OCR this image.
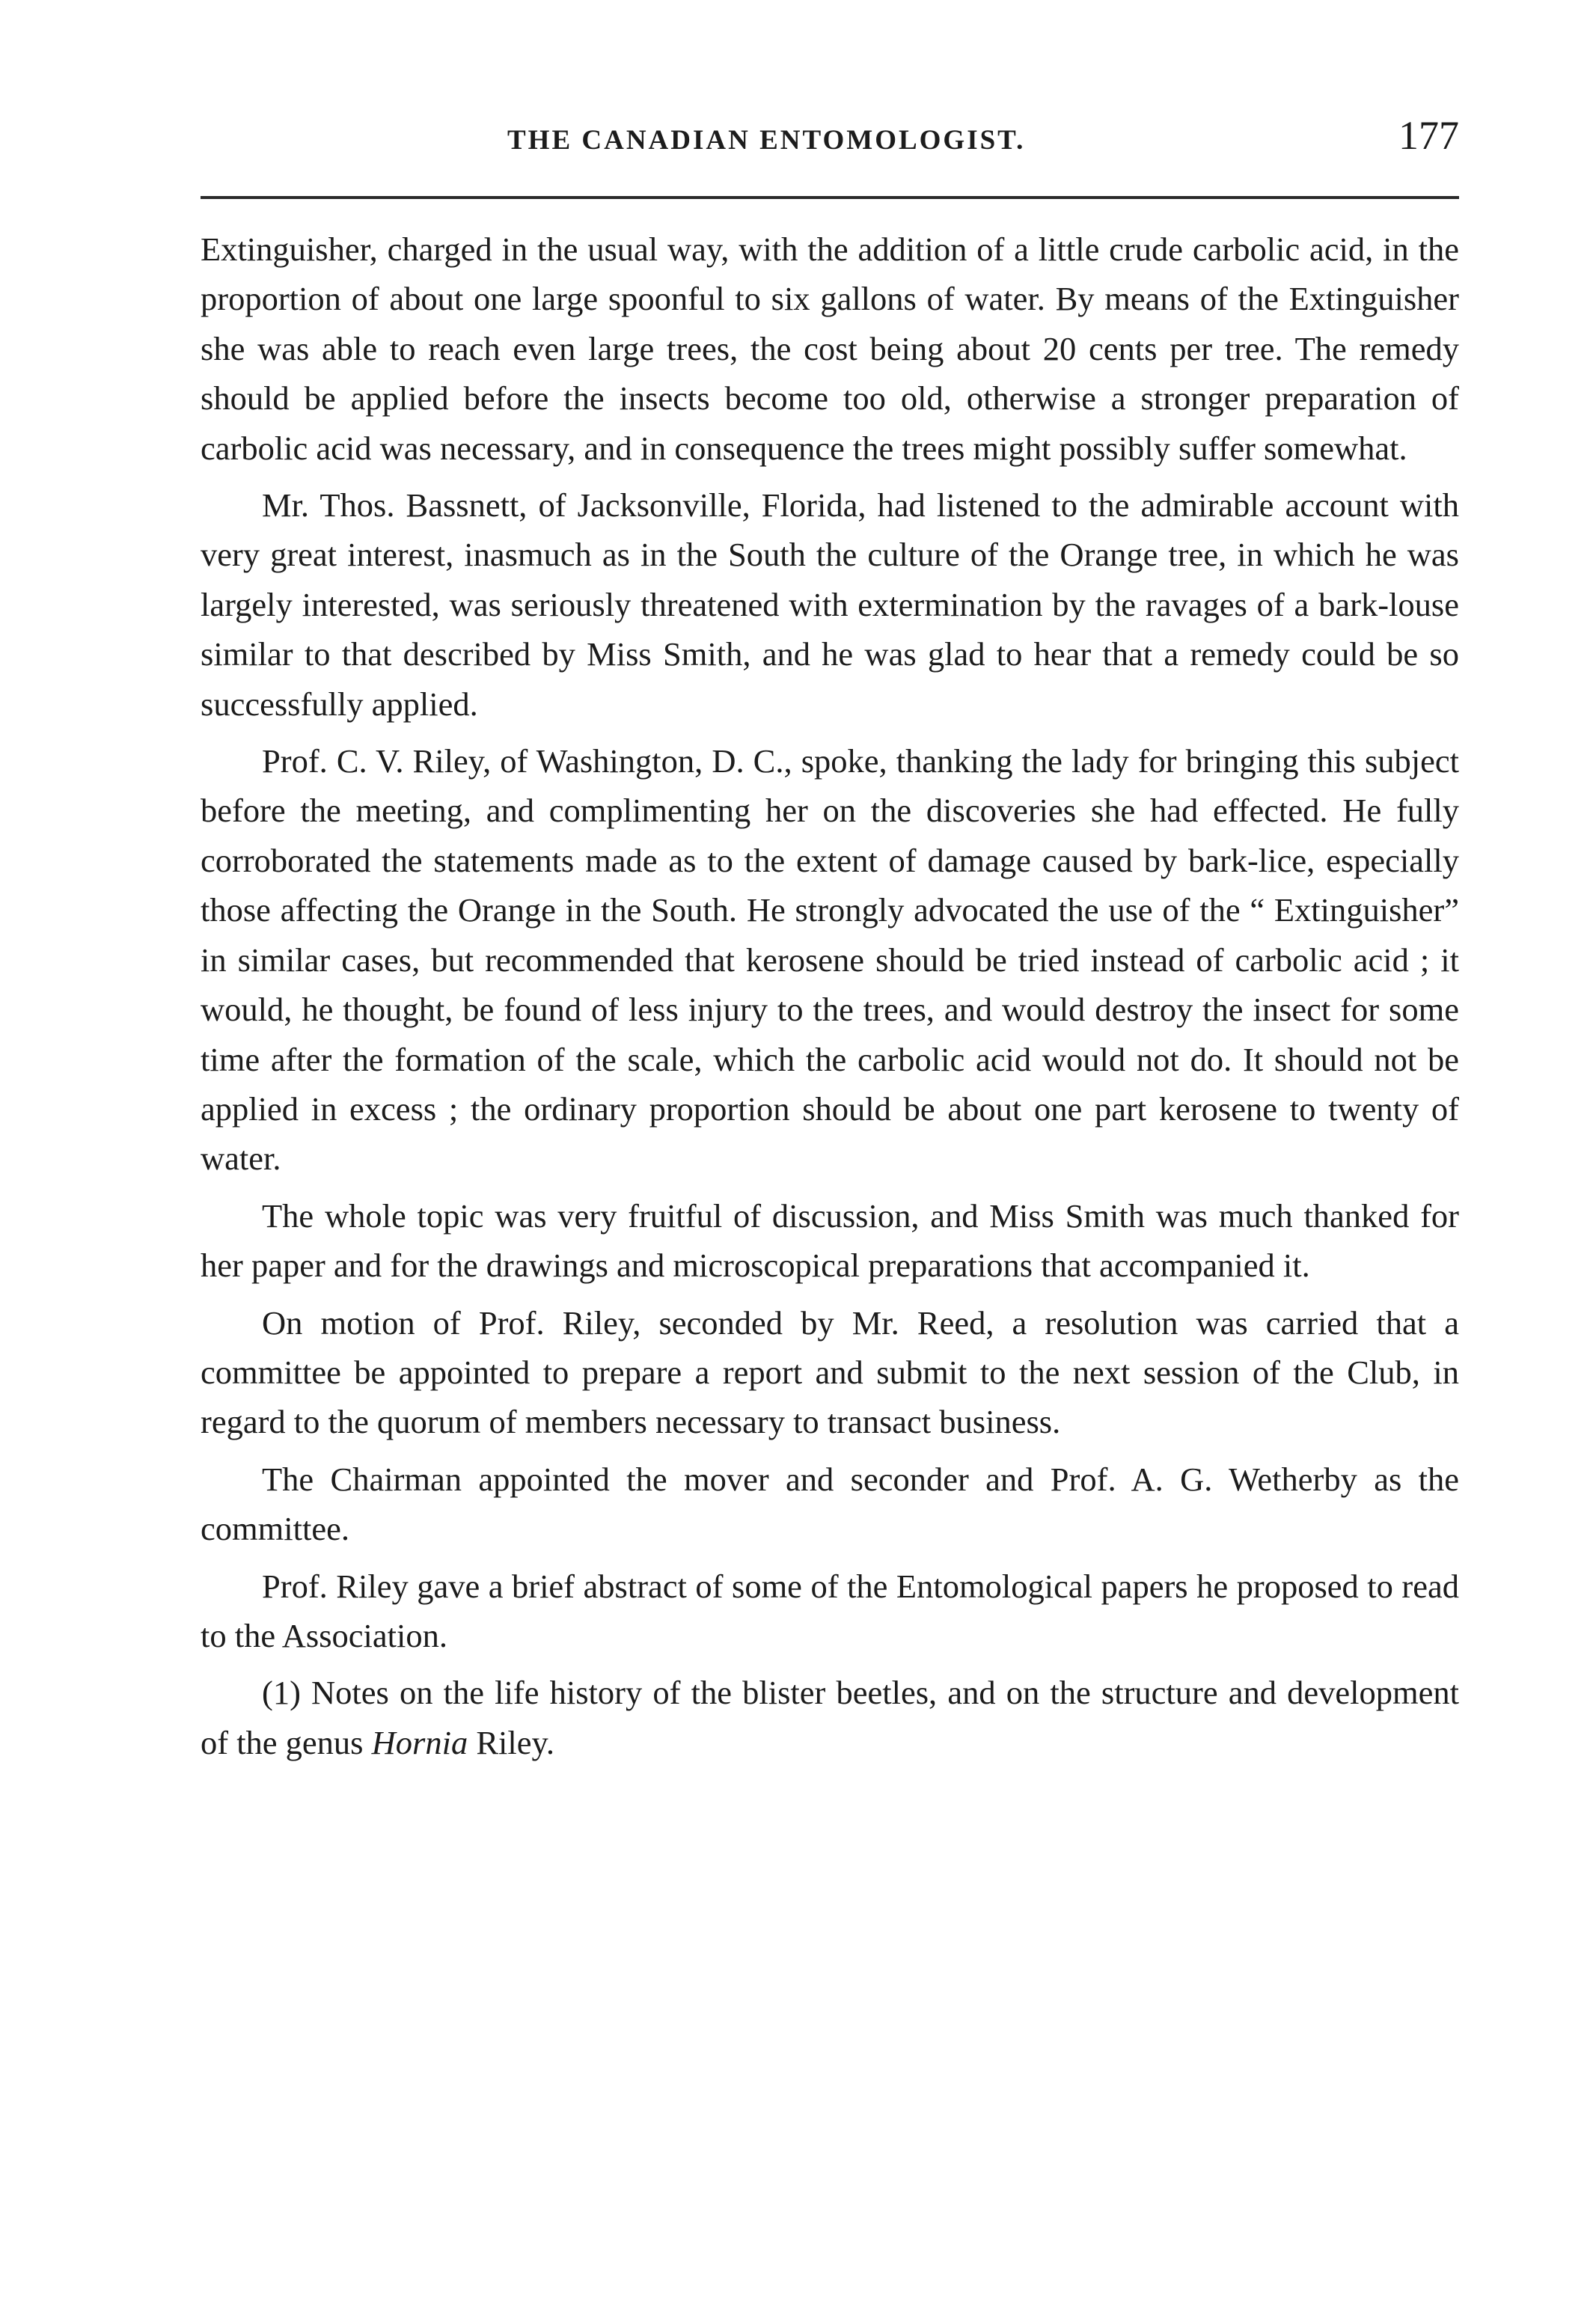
THE CANADIAN ENTOMOLOGIST.	177

Extinguisher, charged in the usual way, with the addition of a little crude carbolic acid, in the proportion of about one large spoonful to six gallons of water. By means of the Extinguisher she was able to reach even large trees, the cost being about 20 cents per tree. The remedy should be applied before the insects become too old, otherwise a stronger preparation of carbolic acid was necessary, and in consequence the trees might possibly suffer somewhat.

Mr. Thos. Bassnett, of Jacksonville, Florida, had listened to the admirable account with very great interest, inasmuch as in the South the culture of the Orange tree, in which he was largely interested, was seriously threatened with extermination by the ravages of a bark-louse similar to that described by Miss Smith, and he was glad to hear that a remedy could be so successfully applied.

Prof. C. V. Riley, of Washington, D. C., spoke, thanking the lady for bringing this subject before the meeting, and complimenting her on the discoveries she had effected. He fully corroborated the statements made as to the extent of damage caused by bark-lice, especially those affecting the Orange in the South. He strongly advocated the use of the “ Extinguisher” in similar cases, but recommended that kerosene should be tried instead of carbolic acid ; it would, he thought, be found of less injury to the trees, and would destroy the insect for some time after the formation of the scale, which the carbolic acid would not do. It should not be applied in excess ; the ordinary proportion should be about one part kerosene to twenty of water.

The whole topic was very fruitful of discussion, and Miss Smith was much thanked for her paper and for the drawings and microscopical preparations that accompanied it.

On motion of Prof. Riley, seconded by Mr. Reed, a resolution was carried that a committee be appointed to prepare a report and submit to the next session of the Club, in regard to the quorum of members necessary to transact business.

The Chairman appointed the mover and seconder and Prof. A. G. Wetherby as the committee.

Prof. Riley gave a brief abstract of some of the Entomological papers he proposed to read to the Association.

(1) Notes on the life history of the blister beetles, and on the structure and development of the genus Hornia Riley.
